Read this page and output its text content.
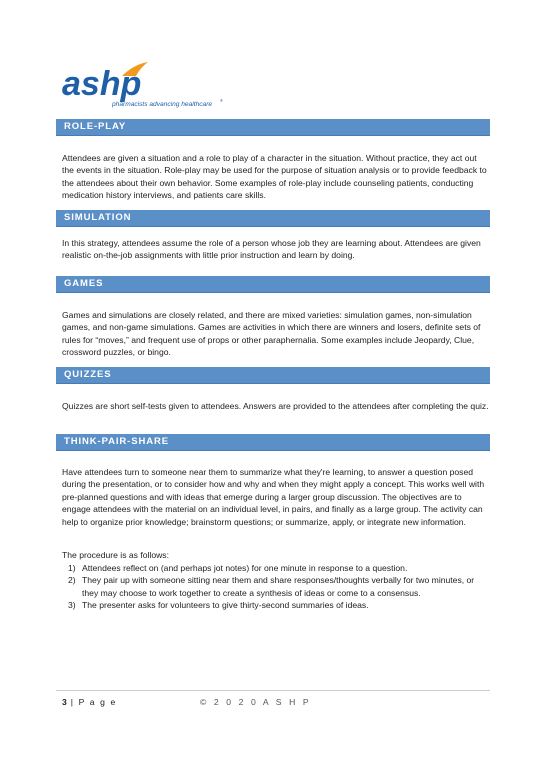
ashp
pharmacists advancing healthcare
®
ROLE-PLAY

Attendees are given a situation and a role to play of a character in the situation. Without practice, they act out the events in the situation. Role-play may be used for the purpose of situation analysis or to provide feedback to the attendees about their own behavior. Some examples of role-play include counseling patients, conducting medication history interviews, and patients care skills.

SIMULATION

In this strategy, attendees assume the role of a person whose job they are learning about. Attendees are given realistic on-the-job assignments with little prior instruction and learn by doing.

GAMES

Games and simulations are closely related, and there are mixed varieties: simulation games, non-simulation games, and non-game simulations. Games are activities in which there are winners and losers, definite sets of rules for “moves,” and frequent use of props or other paraphernalia. Some examples include Jeopardy, Clue, crossword puzzles, or bingo.

QUIZZES

Quizzes are short self-tests given to attendees. Answers are provided to the attendees after completing the quiz.

THINK-PAIR-SHARE

Have attendees turn to someone near them to summarize what they're learning, to answer a question posed during the presentation, or to consider how and why and when they might apply a concept. This works well with pre-planned questions and with ideas that emerge during a larger group discussion. The objectives are to engage attendees with the material on an individual level, in pairs, and finally as a large group. The activity can help to organize prior knowledge; brainstorm questions; or summarize, apply, or integrate new information.

The procedure is as follows:

1) Attendees reflect on (and perhaps jot notes) for one minute in response to a question.
2) They pair up with someone sitting near them and share responses/thoughts verbally for two minutes, or they may choose to work together to create a synthesis of ideas or come to a consensus.
3) The presenter asks for volunteers to give thirty-second summaries of ideas.
3 | P a g e	© 2 0 2 0 A S H P
